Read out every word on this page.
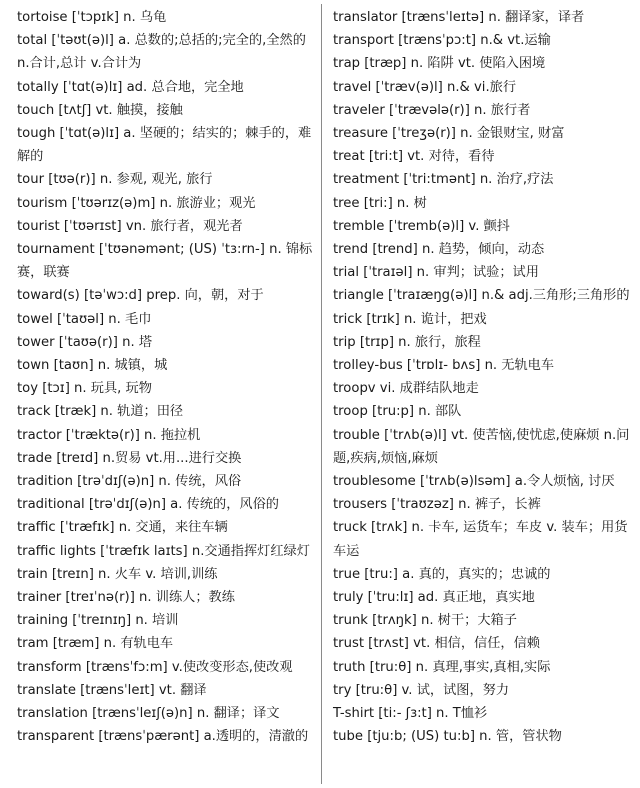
tortoise [ˈtɔpɪk] n. 乌龟

total [ˈtəʊt(ə)l] a. 总数的;总括的;完全的,全然的 n.合计,总计 v.合计为

totally [ˈtɑt(ə)lɪ] ad. 总合地，完全地

touch [tʌtʃ] vt. 触摸，接触

tough [ˈtɑt(ə)lɪ] a. 坚硬的；结实的；棘手的，难解的

tour [tʊə(r)] n. 参观, 观光, 旅行

tourism [ˈtʊərɪz(ə)m] n. 旅游业；观光

tourist [ˈtʊərɪst] vn. 旅行者，观光者

tournament [ˈtʊənəmənt; (US) ˈtɜ:rn-] n. 锦标赛，联赛

toward(s) [təˈwɔ:d] prep. 向，朝，对于

towel [ˈtaʊəl] n. 毛巾

tower [ˈtaʊə(r)] n. 塔

town [taʊn] n. 城镇，城

toy [tɔɪ] n. 玩具, 玩物

track [træk] n. 轨道；田径

tractor [ˈtræktə(r)] n. 拖拉机

trade [treɪd] n.贸易 vt.用...进行交换

tradition [trəˈdɪʃ(ə)n] n. 传统，风俗

traditional [trəˈdɪʃ(ə)n] a. 传统的，风俗的

traffic [ˈtræfɪk] n. 交通，来往车辆

traffic lights [ˈtræfɪk laɪts] n.交通指挥灯红绿灯

train [treɪn] n. 火车 v. 培训,训练

trainer [treɪˈnə(r)] n. 训练人；教练

training [ˈtreɪnɪŋ] n. 培训

tram [træm] n. 有轨电车

transform [trænsˈfɔ:m] v.使改变形态,使改观

translate [trænsˈleɪt] vt. 翻译

translation [trænsˈleɪʃ(ə)n] n. 翻译；译文

transparent [trænsˈpærənt] a.透明的，清澈的

translator [trænsˈleɪtə] n. 翻译家，译者

transport [trænsˈpɔ:t] n.& vt.运输

trap [træp] n. 陷阱 vt. 使陷入困境

travel [ˈtræv(ə)l] n.& vi.旅行

traveler [ˈtrævələ(r)] n. 旅行者

treasure [ˈtreʒə(r)] n. 金银财宝, 财富

treat [tri:t] vt. 对待，看待

treatment [ˈtri:tmənt] n. 治疗,疗法

tree [tri:] n. 树

tremble [ˈtremb(ə)l] v. 颤抖

trend [trend] n. 趋势，倾向，动态

trial [ˈtraɪəl] n. 审判；试验；试用

triangle [ˈtraɪæŋg(ə)l] n.& adj.三角形;三角形的

trick [trɪk] n. 诡计，把戏

trip [trɪp] n. 旅行，旅程

trolley-bus [ˈtrɒlɪ- bʌs] n. 无轨电车

troopv vi. 成群结队地走

troop [tru:p] n. 部队

trouble [ˈtrʌb(ə)l] vt. 使苦恼,使忧虑,使麻烦 n.问题,疾病,烦恼,麻烦

troublesome [ˈtrʌb(ə)lsəm] a.令人烦恼, 讨厌

trousers [ˈtraʊzəz] n. 裤子，长裤

truck [trʌk] n. 卡车, 运货车；车皮 v. 装车；用货车运

true [tru:] a. 真的，真实的；忠诚的

truly [ˈtru:lɪ] ad. 真正地，真实地

trunk [trʌŋk] n. 树干；大箱子

trust [trʌst] vt. 相信，信任，信赖

truth [tru:θ] n. 真理,事实,真相,实际

try [tru:θ] v. 试，试图，努力

T-shirt [ti:- ʃɜ:t] n. T恤衫

tube [tju:b; (US) tu:b] n. 管，管状物
